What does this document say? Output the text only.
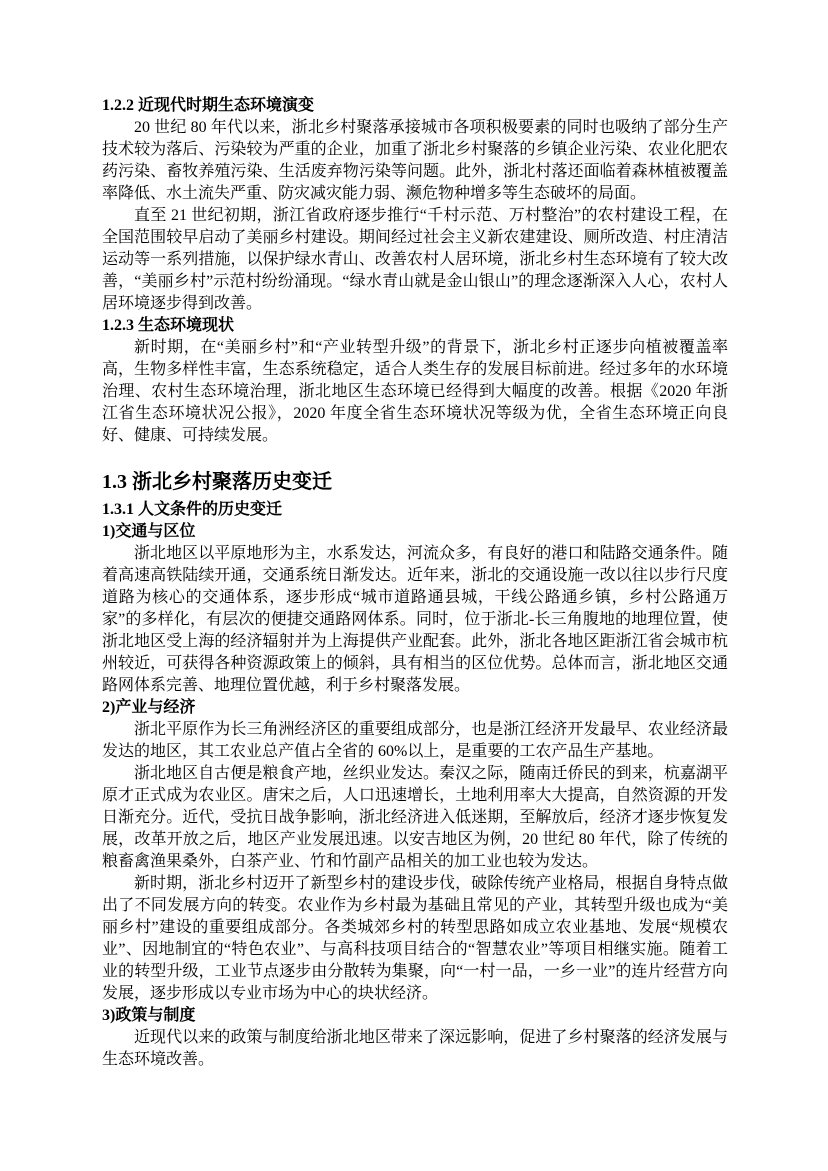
1.2.2 近现代时期生态环境演变

20 世纪 80 年代以来，浙北乡村聚落承接城市各项积极要素的同时也吸纳了部分生产技术较为落后、污染较为严重的企业，加重了浙北乡村聚落的乡镇企业污染、农业化肥农药污染、畜牧养殖污染、生活废弃物污染等问题。此外，浙北村落还面临着森林植被覆盖率降低、水土流失严重、防灾减灾能力弱、濒危物种增多等生态破坏的局面。

直至 21 世纪初期，浙江省政府逐步推行“千村示范、万村整治”的农村建设工程，在全国范围较早启动了美丽乡村建设。期间经过社会主义新农建建设、厕所改造、村庄清洁运动等一系列措施，以保护绿水青山、改善农村人居环境，浙北乡村生态环境有了较大改善，“美丽乡村”示范村纷纷涌现。“绿水青山就是金山银山”的理念逐渐深入人心，农村人居环境逐步得到改善。

1.2.3 生态环境现状

新时期，在“美丽乡村”和“产业转型升级”的背景下，浙北乡村正逐步向植被覆盖率高，生物多样性丰富，生态系统稳定，适合人类生存的发展目标前进。经过多年的水环境治理、农村生态环境治理，浙北地区生态环境已经得到大幅度的改善。根据《2020 年浙江省生态环境状况公报》，2020 年度全省生态环境状况等级为优，全省生态环境正向良好、健康、可持续发展。

1.3 浙北乡村聚落历史变迁
1.3.1 人文条件的历史变迁
1)交通与区位

浙北地区以平原地形为主，水系发达，河流众多，有良好的港口和陆路交通条件。随着高速高铁陆续开通，交通系统日渐发达。近年来，浙北的交通设施一改以往以步行尺度道路为核心的交通体系，逐步形成“城市道路通县城，干线公路通乡镇，乡村公路通万家”的多样化，有层次的便捷交通路网体系。同时，位于浙北-长三角腹地的地理位置，使浙北地区受上海的经济辐射并为上海提供产业配套。此外，浙北各地区距浙江省会城市杭州较近，可获得各种资源政策上的倾斜，具有相当的区位优势。总体而言，浙北地区交通路网体系完善、地理位置优越，利于乡村聚落发展。

2)产业与经济

浙北平原作为长三角洲经济区的重要组成部分，也是浙江经济开发最早、农业经济最发达的地区，其工农业总产值占全省的 60%以上，是重要的工农产品生产基地。

浙北地区自古便是粮食产地，丝织业发达。秦汉之际，随南迁侨民的到来，杭嘉湖平原才正式成为农业区。唐宋之后，人口迅速增长，土地利用率大大提高，自然资源的开发日渐充分。近代，受抗日战争影响，浙北经济进入低迷期，至解放后，经济才逐步恢复发展，改革开放之后，地区产业发展迅速。以安吉地区为例，20 世纪 80 年代，除了传统的粮畜禽渔果桑外，白茶产业、竹和竹副产品相关的加工业也较为发达。

新时期，浙北乡村迈开了新型乡村的建设步伐，破除传统产业格局，根据自身特点做出了不同发展方向的转变。农业作为乡村最为基础且常见的产业，其转型升级也成为“美丽乡村”建设的重要组成部分。各类城郊乡村的转型思路如成立农业基地、发展“规模农业”、因地制宜的“特色农业”、与高科技项目结合的“智慧农业”等项目相继实施。随着工业的转型升级，工业节点逐步由分散转为集聚，向“一村一品，一乡一业”的连片经营方向发展，逐步形成以专业市场为中心的块状经济。

3)政策与制度

近现代以来的政策与制度给浙北地区带来了深远影响，促进了乡村聚落的经济发展与生态环境改善。
